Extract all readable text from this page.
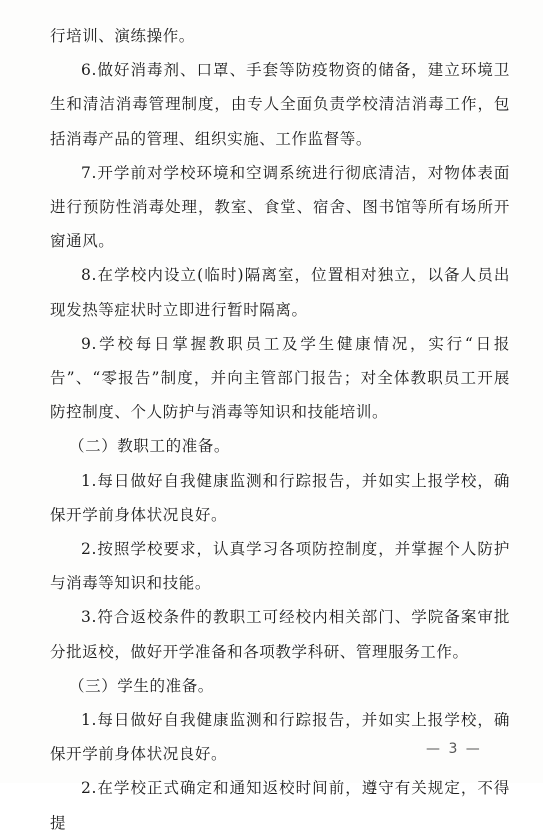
行培训、演练操作。

6.做好消毒剂、口罩、手套等防疫物资的储备，建立环境卫生和清洁消毒管理制度，由专人全面负责学校清洁消毒工作，包括消毒产品的管理、组织实施、工作监督等。

7.开学前对学校环境和空调系统进行彻底清洁，对物体表面进行预防性消毒处理，教室、食堂、宿舍、图书馆等所有场所开窗通风。

8.在学校内设立(临时)隔离室，位置相对独立，以备人员出现发热等症状时立即进行暂时隔离。

9.学校每日掌握教职员工及学生健康情况，实行“日报告”、“零报告”制度，并向主管部门报告；对全体教职员工开展防控制度、个人防护与消毒等知识和技能培训。

（二）教职工的准备。

1.每日做好自我健康监测和行踪报告，并如实上报学校，确保开学前身体状况良好。

2.按照学校要求，认真学习各项防控制度，并掌握个人防护与消毒等知识和技能。

3.符合返校条件的教职工可经校内相关部门、学院备案审批分批返校，做好开学准备和各项教学科研、管理服务工作。

（三）学生的准备。

1.每日做好自我健康监测和行踪报告，并如实上报学校，确保开学前身体状况良好。

2.在学校正式确定和通知返校时间前，遵守有关规定，不得提

— 3 —
